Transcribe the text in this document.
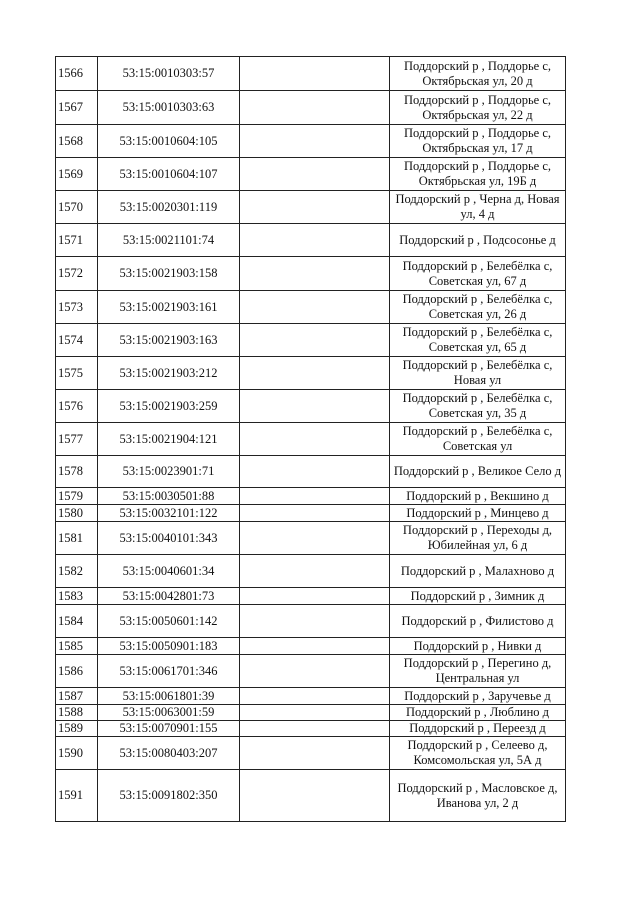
1566	53:15:0010303:57		Поддорский р , Поддорье с, Октябрьская ул, 20 д
1567	53:15:0010303:63		Поддорский р , Поддорье с, Октябрьская ул, 22 д
1568	53:15:0010604:105		Поддорский р , Поддорье с, Октябрьская ул, 17 д
1569	53:15:0010604:107		Поддорский р , Поддорье с, Октябрьская ул, 19Б д
1570	53:15:0020301:119		Поддорский р , Черна д, Новая ул, 4 д
1571	53:15:0021101:74		Поддорский р , Подсосонье д
1572	53:15:0021903:158		Поддорский р , Белебёлка с, Советская ул, 67 д
1573	53:15:0021903:161		Поддорский р , Белебёлка с, Советская ул, 26 д
1574	53:15:0021903:163		Поддорский р , Белебёлка с, Советская ул, 65 д
1575	53:15:0021903:212		Поддорский р , Белебёлка с, Новая ул
1576	53:15:0021903:259		Поддорский р , Белебёлка с, Советская ул, 35 д
1577	53:15:0021904:121		Поддорский р , Белебёлка с, Советская ул
1578	53:15:0023901:71		Поддорский р , Великое Село д
1579	53:15:0030501:88		Поддорский р , Векшино д
1580	53:15:0032101:122		Поддорский р , Минцево д
1581	53:15:0040101:343		Поддорский р , Переходы д, Юбилейная ул, 6 д
1582	53:15:0040601:34		Поддорский р , Малахново д
1583	53:15:0042801:73		Поддорский р , Зимник д
1584	53:15:0050601:142		Поддорский р , Филистово д
1585	53:15:0050901:183		Поддорский р , Нивки д
1586	53:15:0061701:346		Поддорский р , Перегино д, Центральная ул
1587	53:15:0061801:39		Поддорский р , Заручевье д
1588	53:15:0063001:59		Поддорский р , Люблино д
1589	53:15:0070901:155		Поддорский р , Переезд д
1590	53:15:0080403:207		Поддорский р , Селеево д, Комсомольская ул, 5А д
1591	53:15:0091802:350		Поддорский р , Масловское д, Иванова ул, 2 д
